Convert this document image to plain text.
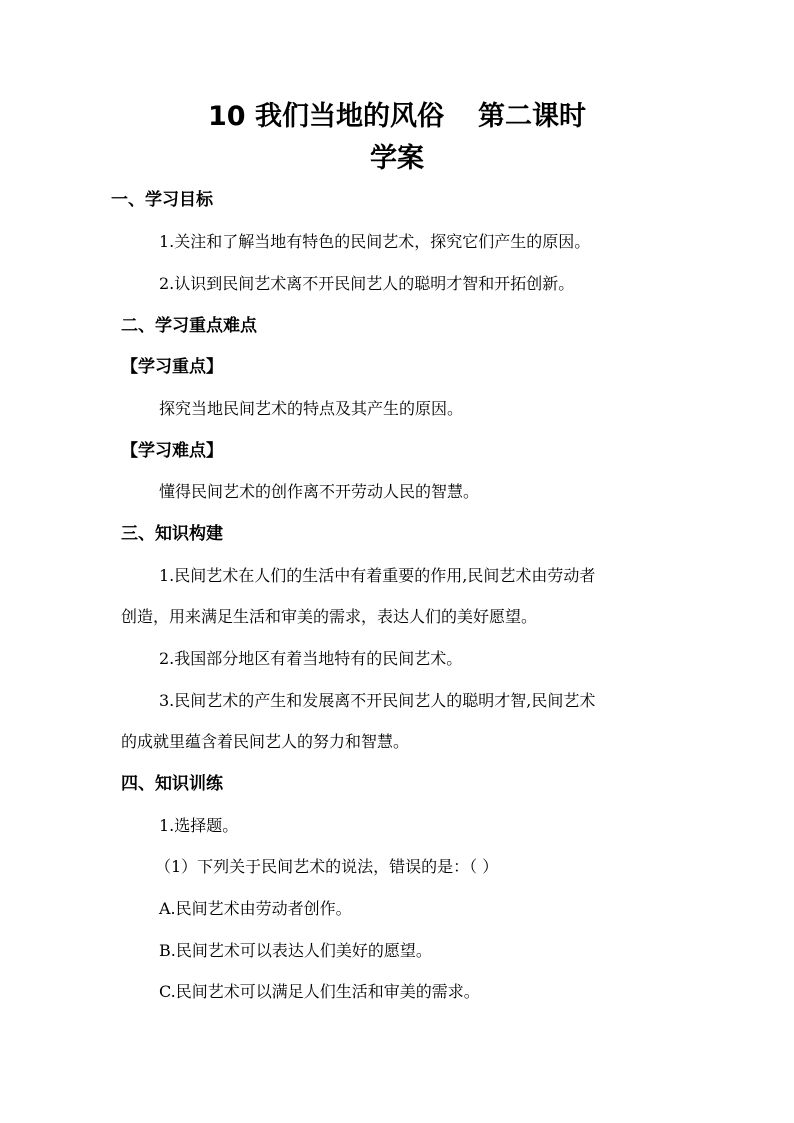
10 我们当地的风俗 第二课时
学案

一、学习目标

1.关注和了解当地有特色的民间艺术，探究它们产生的原因。

2.认识到民间艺术离不开民间艺人的聪明才智和开拓创新。

二、学习重点难点

【学习重点】

探究当地民间艺术的特点及其产生的原因。

【学习难点】

懂得民间艺术的创作离不开劳动人民的智慧。

三、知识构建

1.民间艺术在人们的生活中有着重要的作用,民间艺术由劳动者

创造，用来满足生活和审美的需求，表达人们的美好愿望。

2.我国部分地区有着当地特有的民间艺术。

3.民间艺术的产生和发展离不开民间艺人的聪明才智,民间艺术

的成就里蕴含着民间艺人的努力和智慧。

四、知识训练

1.选择题。

（1）下列关于民间艺术的说法，错误的是：（ ）

A.民间艺术由劳动者创作。

B.民间艺术可以表达人们美好的愿望。

C.民间艺术可以满足人们生活和审美的需求。
